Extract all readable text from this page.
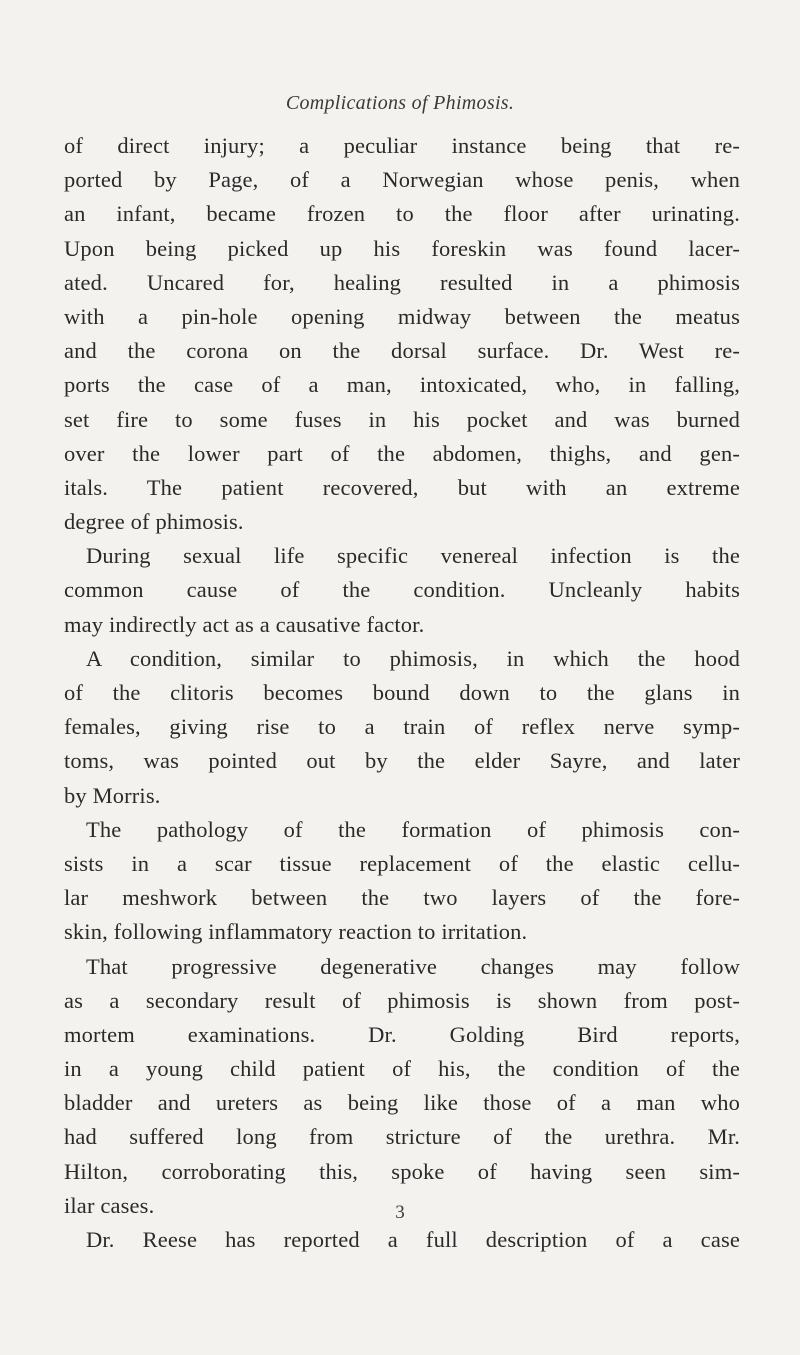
Complications of Phimosis.
of direct injury; a peculiar instance being that re-
ported by Page, of a Norwegian whose penis, when
an infant, became frozen to the floor after urinating.
Upon being picked up his foreskin was found lacer-
ated. Uncared for, healing resulted in a phimosis
with a pin-hole opening midway between the meatus
and the corona on the dorsal surface. Dr. West re-
ports the case of a man, intoxicated, who, in falling,
set fire to some fuses in his pocket and was burned
over the lower part of the abdomen, thighs, and gen-
itals. The patient recovered, but with an extreme
degree of phimosis.
During sexual life specific venereal infection is the
common cause of the condition. Uncleanly habits
may indirectly act as a causative factor.
A condition, similar to phimosis, in which the hood
of the clitoris becomes bound down to the glans in
females, giving rise to a train of reflex nerve symp-
toms, was pointed out by the elder Sayre, and later
by Morris.
The pathology of the formation of phimosis con-
sists in a scar tissue replacement of the elastic cellu-
lar meshwork between the two layers of the fore-
skin, following inflammatory reaction to irritation.
That progressive degenerative changes may follow
as a secondary result of phimosis is shown from post-
mortem examinations. Dr. Golding Bird reports,
in a young child patient of his, the condition of the
bladder and ureters as being like those of a man who
had suffered long from stricture of the urethra. Mr.
Hilton, corroborating this, spoke of having seen sim-
ilar cases.
Dr. Reese has reported a full description of a case
3
